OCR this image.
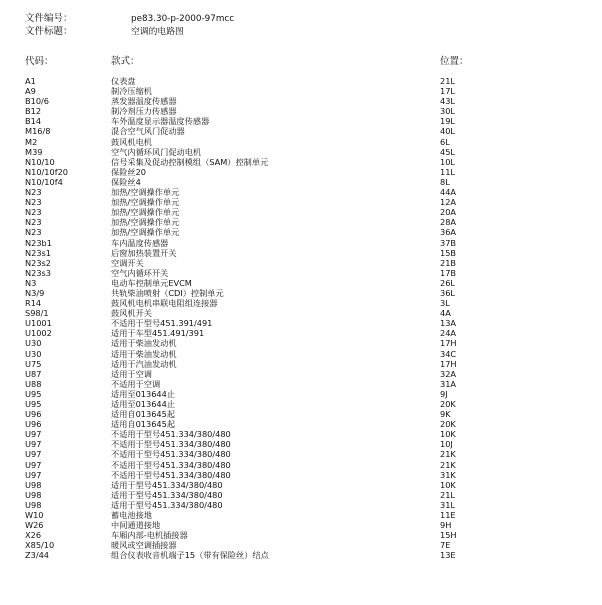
文件编号：	pe83.30-p-2000-97mcc
文件标题：	空调的电路图
代码：	款式：	位置：
A1	仪表盘	21L
A9	制冷压缩机	17L
B10/6	蒸发器温度传感器	43L
B12	制冷剂压力传感器	30L
B14	车外温度显示器温度传感器	19L
M16/8	混合空气风门促动器	40L
M2	鼓风机电机	6L
M39	空气内循环风门促动电机	45L
N10/10	信号采集及促动控制模组（SAM）控制单元	10L
N10/10f20	保险丝20	11L
N10/10f4	保险丝4	8L
N23	加热/空调操作单元	44A
N23	加热/空调操作单元	12A
N23	加热/空调操作单元	20A
N23	加热/空调操作单元	28A
N23	加热/空调操作单元	36A
N23b1	车内温度传感器	37B
N23s1	后窗加热装置开关	15B
N23s2	空调开关	21B
N23s3	空气内循环开关	17B
N3	电动车控制单元EVCM	26L
N3/9	共轨柴油喷射（CDI）控制单元	36L
R14	鼓风机电机串联电阻组连接器	3L
S98/1	鼓风机开关	4A
U1001	不适用于型号451.391/491	13A
U1002	适用于车型451.491/391	24A
U30	适用于柴油发动机	17H
U30	适用于柴油发动机	34C
U75	适用于汽油发动机	17H
U87	适用于空调	32A
U88	不适用于空调	31A
U95	适用至013644止	9J
U95	适用至013644止	20K
U96	适用自013645起	9K
U96	适用自013645起	20K
U97	不适用于型号451.334/380/480	10K
U97	不适用于型号451.334/380/480	10J
U97	不适用于型号451.334/380/480	21K
U97	不适用于型号451.334/380/480	21K
U97	不适用于型号451.334/380/480	31K
U98	适用于型号451.334/380/480	10K
U98	适用于型号451.334/380/480	21L
U98	适用于型号451.334/380/480	31L
W10	蓄电池接地	11E
W26	中间通道接地	9H
X26	车厢内部-电机插接器	15H
X85/10	暖风或空调插接器	7E
Z3/44	组合仪表收音机端子15（带有保险丝）结点	13E
